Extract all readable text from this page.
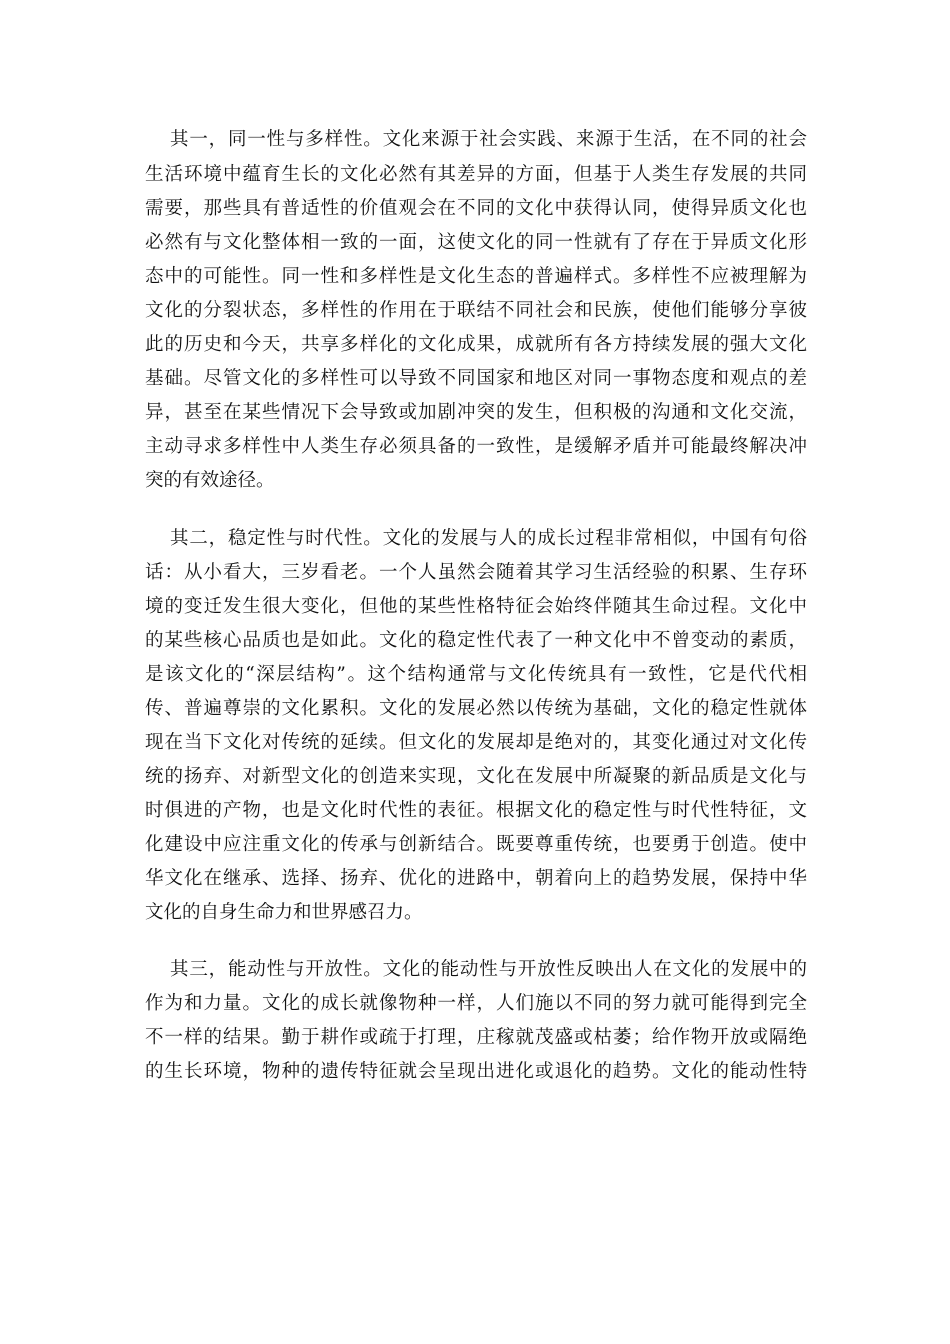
其一，同一性与多样性。文化来源于社会实践、来源于生活，在不同的社会
生活环境中蕴育生长的文化必然有其差异的方面，但基于人类生存发展的共同
需要，那些具有普适性的价值观会在不同的文化中获得认同，使得异质文化也
必然有与文化整体相一致的一面，这使文化的同一性就有了存在于异质文化形
态中的可能性。同一性和多样性是文化生态的普遍样式。多样性不应被理解为
文化的分裂状态，多样性的作用在于联结不同社会和民族，使他们能够分享彼
此的历史和今天，共享多样化的文化成果，成就所有各方持续发展的强大文化
基础。尽管文化的多样性可以导致不同国家和地区对同一事物态度和观点的差
异，甚至在某些情况下会导致或加剧冲突的发生，但积极的沟通和文化交流，
主动寻求多样性中人类生存必须具备的一致性，是缓解矛盾并可能最终解决冲
突的有效途径。
其二，稳定性与时代性。文化的发展与人的成长过程非常相似，中国有句俗
话：从小看大，三岁看老。一个人虽然会随着其学习生活经验的积累、生存环
境的变迁发生很大变化，但他的某些性格特征会始终伴随其生命过程。文化中
的某些核心品质也是如此。文化的稳定性代表了一种文化中不曾变动的素质，
是该文化的“深层结构”。这个结构通常与文化传统具有一致性，它是代代相
传、普遍尊崇的文化累积。文化的发展必然以传统为基础，文化的稳定性就体
现在当下文化对传统的延续。但文化的发展却是绝对的，其变化通过对文化传
统的扬弃、对新型文化的创造来实现，文化在发展中所凝聚的新品质是文化与
时俱进的产物，也是文化时代性的表征。根据文化的稳定性与时代性特征，文
化建设中应注重文化的传承与创新结合。既要尊重传统，也要勇于创造。使中
华文化在继承、选择、扬弃、优化的进路中，朝着向上的趋势发展，保持中华
文化的自身生命力和世界感召力。
其三，能动性与开放性。文化的能动性与开放性反映出人在文化的发展中的
作为和力量。文化的成长就像物种一样，人们施以不同的努力就可能得到完全
不一样的结果。勤于耕作或疏于打理，庄稼就茂盛或枯萎；给作物开放或隔绝
的生长环境，物种的遗传特征就会呈现出进化或退化的趋势。文化的能动性特
